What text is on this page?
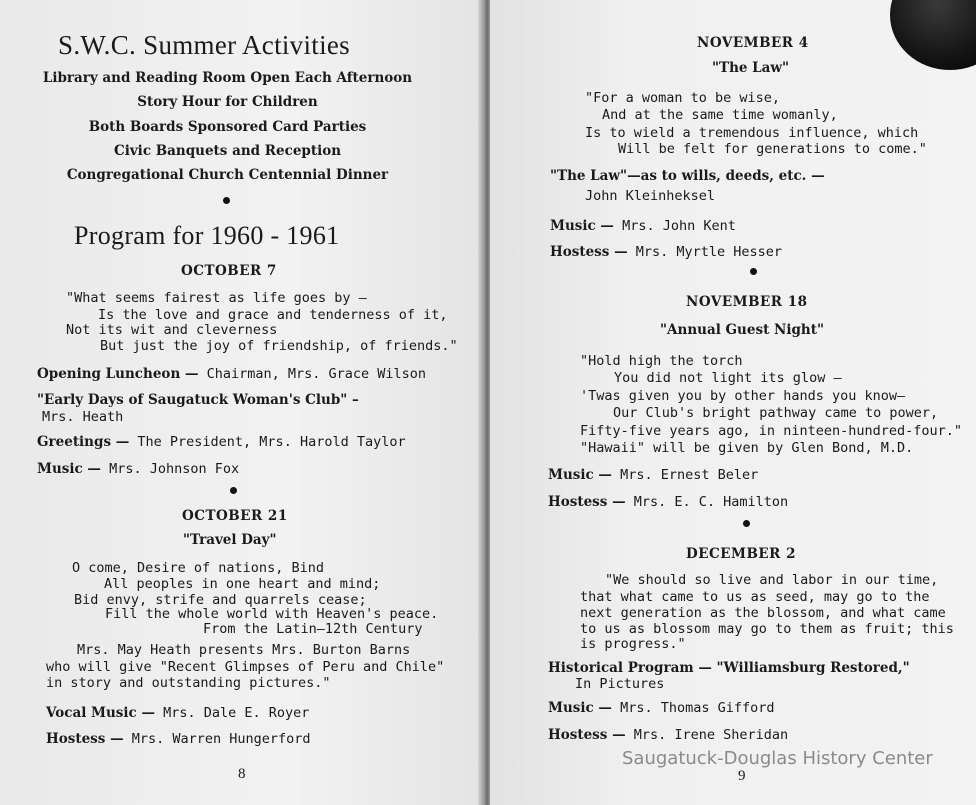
S.W.C. Summer Activities
Library and Reading Room Open Each Afternoon
Story Hour for Children
Both Boards Sponsored Card Parties
Civic Banquets and Reception
Congregational Church Centennial Dinner
Program for 1960 - 1961
OCTOBER 7
"What seems fairest as life goes by —
Is the love and grace and tenderness of it,
Not its wit and cleverness
But just the joy of friendship, of friends."
Opening Luncheon — Chairman, Mrs. Grace Wilson
"Early Days of Saugatuck Woman's Club" –
Mrs. Heath
Greetings — The President, Mrs. Harold Taylor
Music — Mrs. Johnson Fox
OCTOBER 21
"Travel Day"
O come, Desire of nations, Bind
All peoples in one heart and mind;
Bid envy, strife and quarrels cease;
Fill the whole world with Heaven's peace.
From the Latin—12th Century
Mrs. May Heath presents Mrs. Burton Barns
who will give "Recent Glimpses of Peru and Chile"
in story and outstanding pictures."
Vocal Music — Mrs. Dale E. Royer
Hostess — Mrs. Warren Hungerford
8
NOVEMBER 4
"The Law"
"For a woman to be wise,
And at the same time womanly,
Is to wield a tremendous influence, which
Will be felt for generations to come."
"The Law"—as to wills, deeds, etc. —
John Kleinheksel
Music — Mrs. John Kent
Hostess — Mrs. Myrtle Hesser
NOVEMBER 18
"Annual Guest Night"
"Hold high the torch
You did not light its glow —
'Twas given you by other hands you know—
Our Club's bright pathway came to power,
Fifty-five years ago, in ninteen-hundred-four."
"Hawaii" will be given by Glen Bond, M.D.
Music — Mrs. Ernest Beler
Hostess — Mrs. E. C. Hamilton
DECEMBER 2
"We should so live and labor in our time,
that what came to us as seed, may go to the
next generation as the blossom, and what came
to us as blossom may go to them as fruit; this
is progress."
Historical Program — "Williamsburg Restored,"
In Pictures
Music — Mrs. Thomas Gifford
Hostess — Mrs. Irene Sheridan
9
Saugatuck-Douglas History Center
